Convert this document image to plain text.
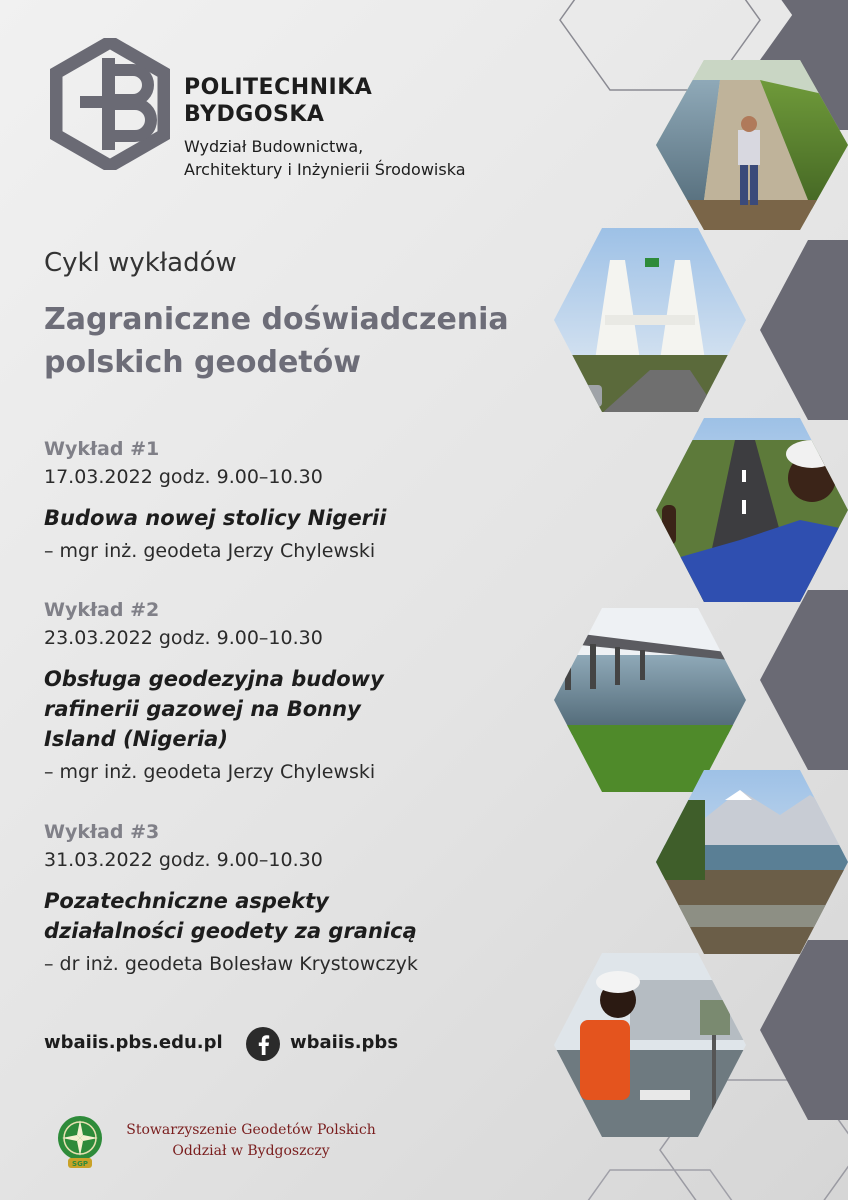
POLITECHNIKA
BYDGOSKA
Wydział Budownictwa,
Architektury i Inżynierii Środowiska
Cykl wykładów
Zagraniczne doświadczenia
polskich geodetów
Wykład #1
17.03.2022 godz. 9.00–10.30
Budowa nowej stolicy Nigerii
– mgr inż. geodeta Jerzy Chylewski
Wykład #2
23.03.2022 godz. 9.00–10.30
Obsługa geodezyjna budowy
rafinerii gazowej na Bonny
Island (Nigeria)
– mgr inż. geodeta Jerzy Chylewski
Wykład #3
31.03.2022 godz. 9.00–10.30
Pozatechniczne aspekty
działalności geodety za granicą
– dr inż. geodeta Bolesław Krystowczyk
wbaiis.pbs.edu.pl	wbaiis.pbs
SGP
Stowarzyszenie Geodetów Polskich
Oddział w Bydgoszczy
